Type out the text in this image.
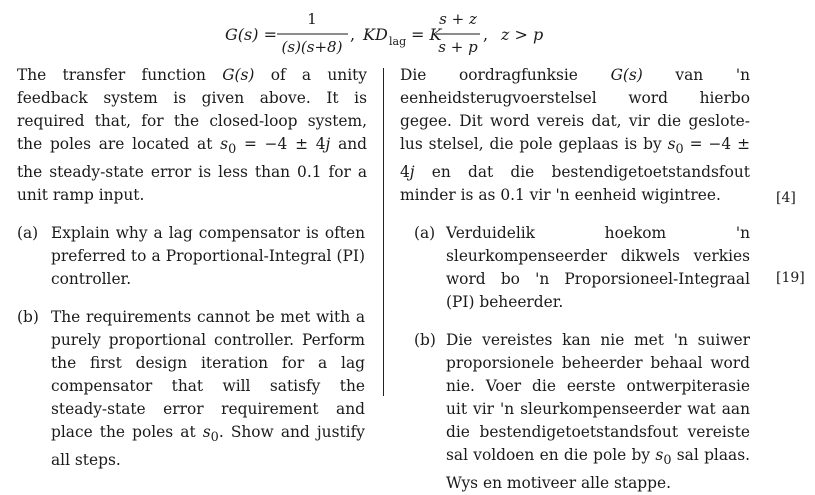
G(s) =
1
(s)(s+8)
, KD lag = K
s + z
s + p
, z > p

The transfer function G(s) of a unity feedback system is given above. It is required that, for the closed-loop system, the poles are located at $s_0 = -4 \pm 4j$ and the steady-state error is less than 0.1 for a unit ramp input.

(a) Explain why a lag compensator is often preferred to a Proportional-Integral (PI) controller.
(b) The requirements cannot be met with a purely proportional controller. Perform the first design iteration for a lag compensator that will satisfy the steady-state error requirement and place the poles at $s_0$. Show and justify all steps.

Die oordragfunksie G(s) van 'n eenheidsterugvoerstelsel word hierbo gegee. Dit word vereis dat, vir die geslote-lus stelsel, die pole geplaas is by $s_0 = -4 \pm 4j$ en dat die bestendigetoetstandsfout minder is as 0.1 vir 'n eenheid wigintree.

(a) Verduidelik hoekom 'n sleurkompenseerder dikwels verkies word bo 'n Proporsioneel-Integraal (PI) beheerder.
(b) Die vereistes kan nie met 'n suiwer proporsionele beheerder behaal word nie. Voer die eerste ontwerpiterasie uit vir 'n sleurkompenseerder wat aan die bestendigetoetstandsfout vereiste sal voldoen en die pole by $s_0$ sal plaas. Wys en motiveer alle stappe.
[4]
[19]
